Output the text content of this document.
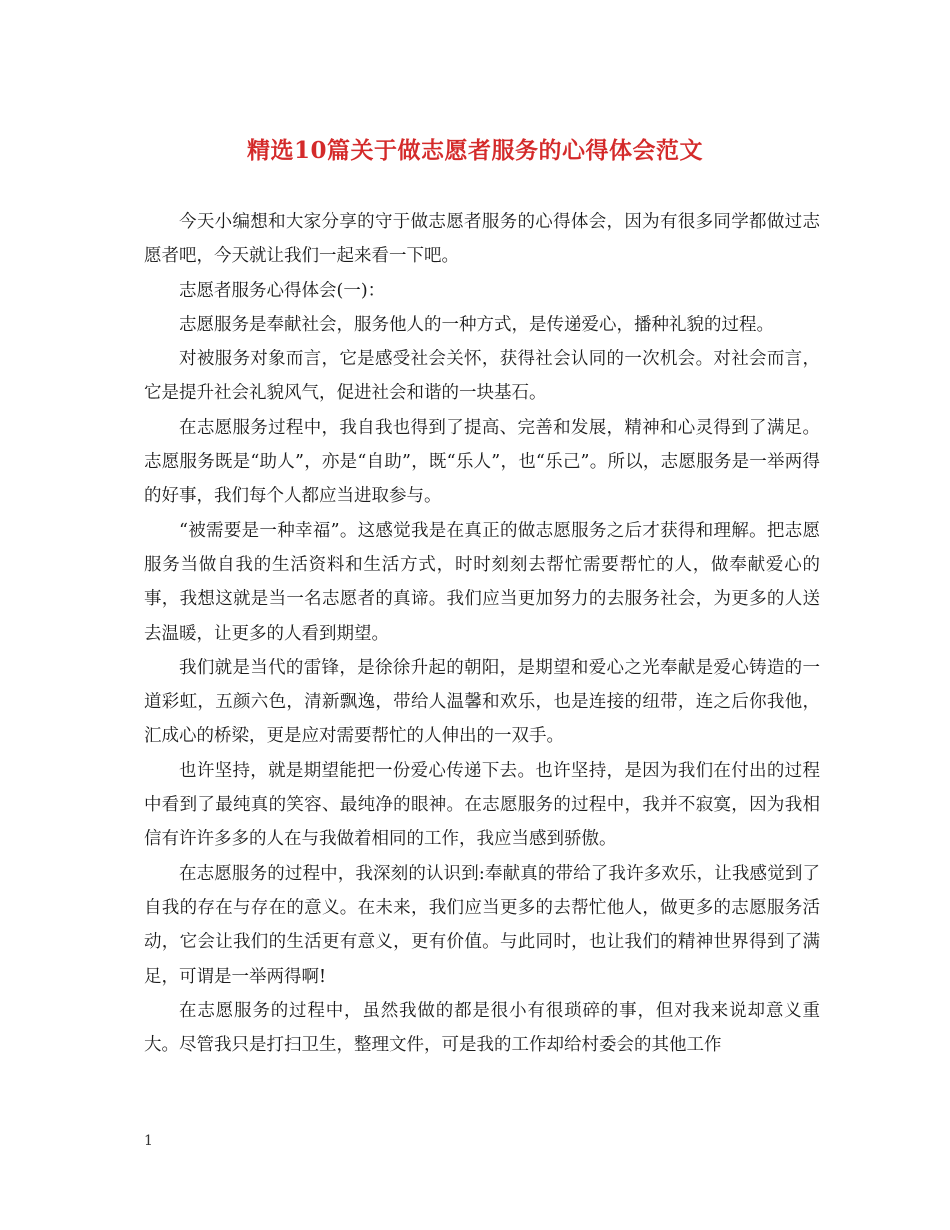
精选10篇关于做志愿者服务的心得体会范文

今天小编想和大家分享的守于做志愿者服务的心得体会，因为有很多同学都做过志愿者吧，今天就让我们一起来看一下吧。

志愿者服务心得体会(一)：

志愿服务是奉献社会，服务他人的一种方式，是传递爱心，播种礼貌的过程。

对被服务对象而言，它是感受社会关怀，获得社会认同的一次机会。对社会而言，它是提升社会礼貌风气，促进社会和谐的一块基石。

在志愿服务过程中，我自我也得到了提高、完善和发展，精神和心灵得到了满足。志愿服务既是“助人”，亦是“自助”，既“乐人”，也“乐己”。所以，志愿服务是一举两得的好事，我们每个人都应当进取参与。

“被需要是一种幸福”。这感觉我是在真正的做志愿服务之后才获得和理解。把志愿服务当做自我的生活资料和生活方式，时时刻刻去帮忙需要帮忙的人，做奉献爱心的事，我想这就是当一名志愿者的真谛。我们应当更加努力的去服务社会，为更多的人送去温暖，让更多的人看到期望。

我们就是当代的雷锋，是徐徐升起的朝阳，是期望和爱心之光奉献是爱心铸造的一道彩虹，五颜六色，清新飘逸，带给人温馨和欢乐，也是连接的纽带，连之后你我他，汇成心的桥梁，更是应对需要帮忙的人伸出的一双手。

也许坚持，就是期望能把一份爱心传递下去。也许坚持，是因为我们在付出的过程中看到了最纯真的笑容、最纯净的眼神。在志愿服务的过程中，我并不寂寞，因为我相信有许许多多的人在与我做着相同的工作，我应当感到骄傲。

在志愿服务的过程中，我深刻的认识到:奉献真的带给了我许多欢乐，让我感觉到了自我的存在与存在的意义。在未来，我们应当更多的去帮忙他人，做更多的志愿服务活动，它会让我们的生活更有意义，更有价值。与此同时，也让我们的精神世界得到了满足，可谓是一举两得啊!

在志愿服务的过程中，虽然我做的都是很小有很琐碎的事，但对我来说却意义重大。尽管我只是打扫卫生，整理文件，可是我的工作却给村委会的其他工作

1
